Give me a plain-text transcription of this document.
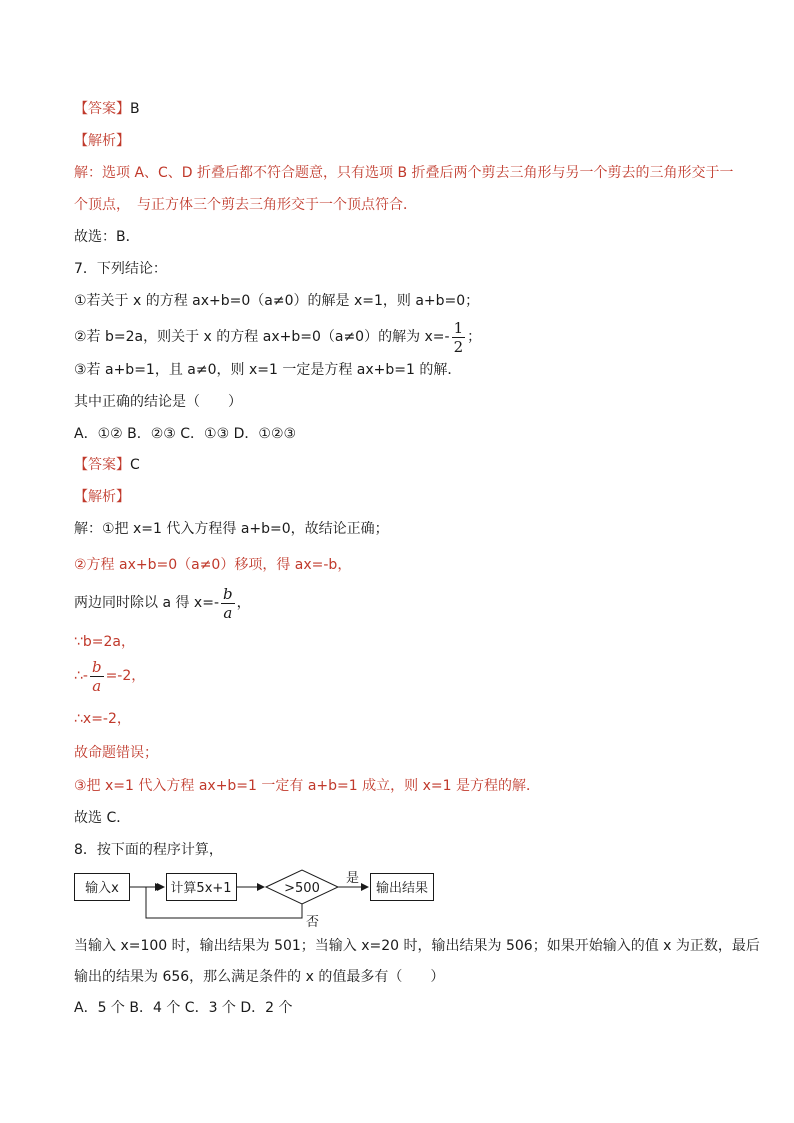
【答案】B
【解析】
解：选项 A、C、D 折叠后都不符合题意，只有选项 B 折叠后两个剪去三角形与另一个剪去的三角形交于一
个顶点，　与正方体三个剪去三角形交于一个顶点符合．
故选：B．
7．下列结论：
①若关于 x 的方程 ax+b=0（a≠0）的解是 x=1，则 a+b=0；
②若 b=2a，则关于 x 的方程 ax+b=0（a≠0）的解为 $x=- \frac{1}{2}$ ；
③若 a+b=1，且 a≠0，则 x=1 一定是方程 ax+b=1 的解．
其中正确的结论是（　　）
A．①② B．②③ C．①③ D．①②③
【答案】C
【解析】
解：①把 x=1 代入方程得 a+b=0，故结论正确；
②方程 ax+b=0（a≠0）移项，得 ax=-b，
两边同时除以 a 得 $x=- \frac{b}{a}$ ，
∵b=2a，
∴- $\frac{b}{a} =-2$，
∴x=-2，
故命题错误；
③把 x=1 代入方程 ax+b=1 一定有 a+b=1 成立，则 x=1 是方程的解．
故选 C．
8．按下面的程序计算，
输入x	计算5x+1	>500
是
输出结果
否
当输入 x=100 时，输出结果为 501；当输入 x=20 时，输出结果为 506；如果开始输入的值 x 为正数，最后
输出的结果为 656，那么满足条件的 x 的值最多有（　　）
A．5 个 B．4 个 C．3 个 D．2 个
